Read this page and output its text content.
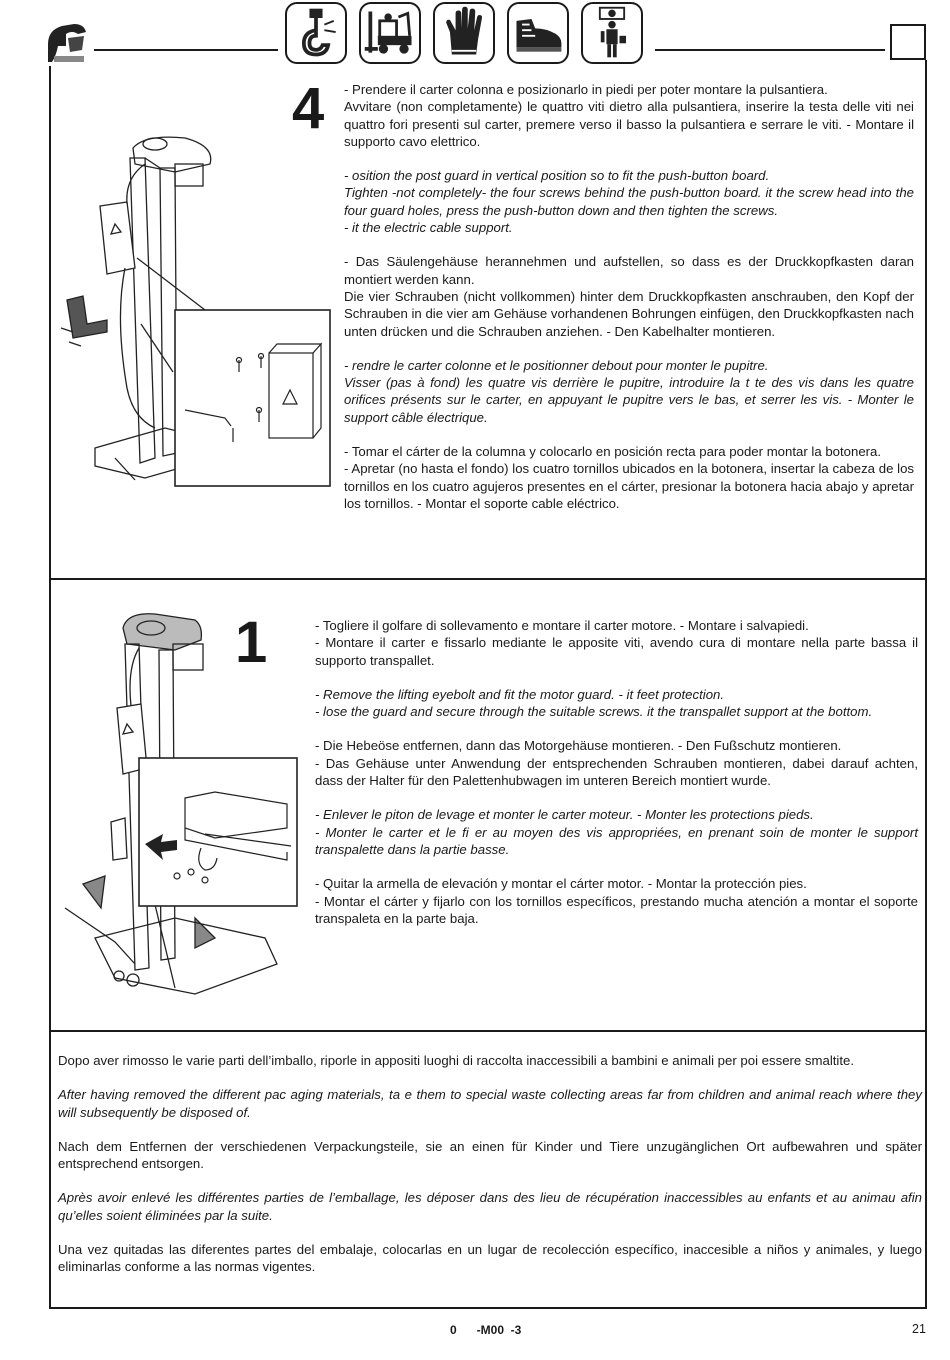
4 - Prendere il carter colonna e posizionarlo in piedi per poter montare la pulsantiera.
Avvitare (non completamente) le quattro viti dietro alla pulsantiera, inserire la testa delle viti nei quattro fori presenti sul carter, premere verso il basso la pulsantiera e serrare le viti. - Montare il supporto cavo elettrico.

- osition the post guard in vertical position so to fit the push-button board.
Tighten -not completely- the four screws behind the push-button board. it the screw head into the four guard holes, press the push-button down and then tighten the screws.
- it the electric cable support.

- Das Säulengehäuse herannehmen und aufstellen, so dass es der Druckkopfkasten daran montiert werden kann.
Die vier Schrauben (nicht vollkommen) hinter dem Druckkopfkasten anschrauben, den Kopf der Schrauben in die vier am Gehäuse vorhandenen Bohrungen einfügen, den Druckkopfkasten nach unten drücken und die Schrauben anziehen. - Den Kabelhalter montieren.

- rendre le carter colonne et le positionner debout pour monter le pupitre.
Visser (pas à fond) les quatre vis derrière le pupitre, introduire la t te des vis dans les quatre orifices présents sur le carter, en appuyant le pupitre vers le bas, et serrer les vis. - Monter le support câble électrique.

- Tomar el cárter de la columna y colocarlo en posición recta para poder montar la botonera.
- Apretar (no hasta el fondo) los cuatro tornillos ubicados en la botonera, insertar la cabeza de los tornillos en los cuatro agujeros presentes en el cárter, presionar la botonera hacia abajo y apretar los tornillos. - Montar el soporte cable eléctrico.

1	- Togliere il golfare di sollevamento e montare il carter motore. - Montare i salvapiedi.
- Montare il carter e fissarlo mediante le apposite viti, avendo cura di montare nella parte bassa il supporto transpallet.

- Remove the lifting eyebolt and fit the motor guard. - it feet protection.
- lose the guard and secure through the suitable screws. it the transpallet support at the bottom.

- Die Hebeöse entfernen, dann das Motorgehäuse montieren. - Den Fußschutz montieren.
- Das Gehäuse unter Anwendung der entsprechenden Schrauben montieren, dabei darauf achten, dass der Halter für den Palettenhubwagen im unteren Bereich montiert wurde.

- Enlever le piton de levage et monter le carter moteur. - Monter les protections pieds.
- Monter le carter et le fi er au moyen des vis appropriées, en prenant soin de monter le support transpalette dans la partie basse.

- Quitar la armella de elevación y montar el cárter motor. - Montar la protección pies.
- Montar el cárter y fijarlo con los tornillos específicos, prestando mucha atención a montar el soporte transpaleta en la parte baja.

Dopo aver rimosso le varie parti dell’imballo, riporle in appositi luoghi di raccolta inaccessibili a bambini e animali per poi essere smaltite.

After having removed the different pac aging materials, ta e them to special waste collecting areas far from children and animal reach where they will subsequently be disposed of.

Nach dem Entfernen der verschiedenen Verpackungsteile, sie an einen für Kinder und Tiere unzugänglichen Ort aufbewahren und später entsprechend entsorgen.

Après avoir enlevé les différentes parties de l’emballage, les déposer dans des lieu de récupération inaccessibles au enfants et au animau afin qu’elles soient éliminées par la suite.

Una vez quitadas las diferentes partes del embalaje, colocarlas en un lugar de recolección específico, inaccesible a niños y animales, y luego eliminarlas conforme a las normas vigentes.

0      -M00  -3	21
